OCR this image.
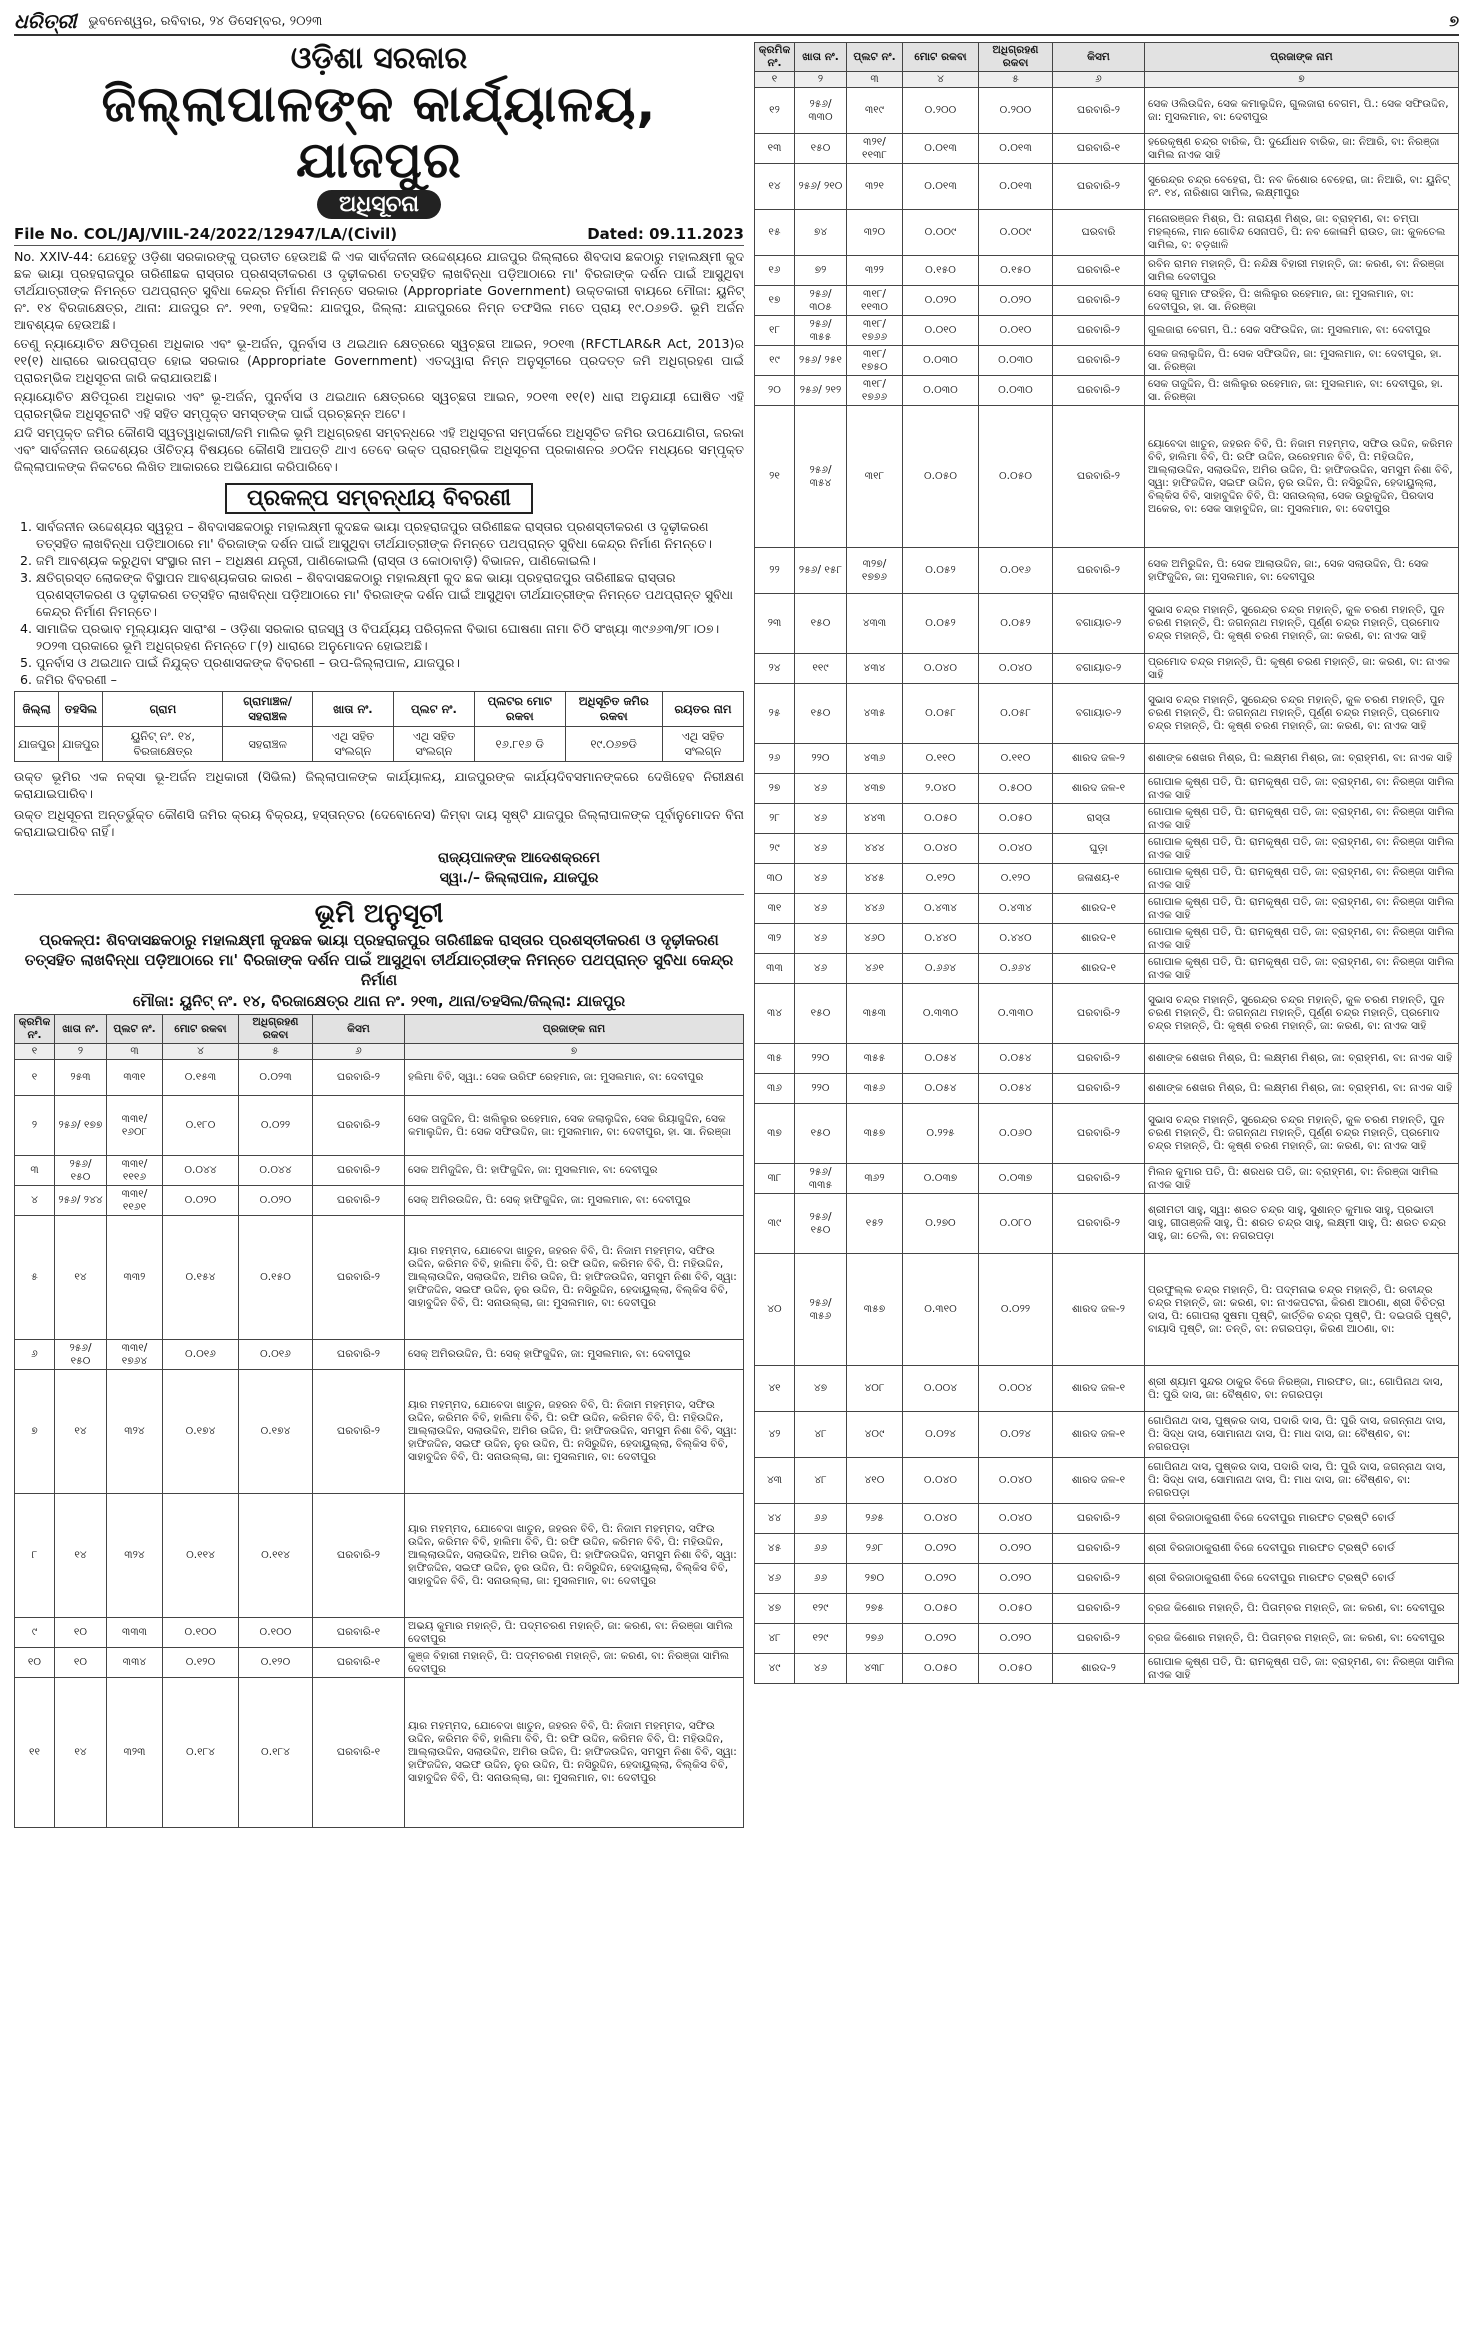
ଧରିତ୍ରୀ ଭୁବନେଶ୍ୱର, ରବିବାର, ୨୪ ଡିସେମ୍ବର, ୨୦୨୩	୭
ଓଡ଼ିଶା ସରକାର
ଜିଲ୍ଲାପାଳଙ୍କ କାର୍ଯ୍ୟାଳୟ, ଯାଜପୁର
ଅଧିସୂଚନା
File No. COL/JAJ/VIIL-24/2022/12947/LA/(Civil)	Dated: 09.11.2023

No. XXIV-44: ଯେହେତୁ ଓଡ଼ିଶା ସରକାରଙ୍କୁ ପ୍ରତୀତ ହେଉଅଛି କି ଏକ ସାର୍ବଜନୀନ ଉଦ୍ଦେଶ୍ୟରେ ଯାଜପୁର ଜିଲ୍ଲାରେ ଶିବଦାସ ଛକଠାରୁ ମହାଲକ୍ଷ୍ମୀ କୁଦ ଛକ ଭାୟା ପ୍ରହରାଜପୁର ତାରିଣୀଛକ ରାସ୍ତାର ପ୍ରଶସ୍ତୀକରଣ ଓ ଦୃଢ଼ୀକରଣ ତତ୍ସହିତ ଲାଖବିନ୍ଧା ପଡ଼ିଆଠାରେ ମା' ବିରଜାଙ୍କ ଦର୍ଶନ ପାଇଁ ଆସୁଥିବା ତୀର୍ଥଯାତ୍ରୀଙ୍କ ନିମନ୍ତେ ପଥପ୍ରାନ୍ତ ସୁବିଧା କେନ୍ଦ୍ର ନିର୍ମାଣ ନିମନ୍ତେ ସରକାର (Appropriate Government) ଉକ୍ତକାରୀ ବାୟରେ ମୌଜା: ୟୁନିଟ୍ ନଂ. ୧୪ ବିରଜାକ୍ଷେତ୍ର, ଥାନା: ଯାଜପୁର ନଂ. ୨୧୩, ତହସିଲ: ଯାଜପୁର, ଜିଲ୍ଲା: ଯାଜପୁରରେ ନିମ୍ନ ତଫସିଲ ମତେ ପ୍ରାୟ ୧୯.୦୬୭ଡି. ଭୂମି ଅର୍ଜନ ଆବଶ୍ୟକ ହେଉଅଛି।

ତେଣୁ ନ୍ୟାୟୋଚିତ କ୍ଷତିପୂରଣ ଅଧିକାର ଏବଂ ଭୂ-ଅର୍ଜନ, ପୁନର୍ବାସ ଓ ଥଇଥାନ କ୍ଷେତ୍ରରେ ସ୍ୱଚ୍ଛତା ଆଇନ, ୨୦୧୩ (RFCTLAR&R Act, 2013)ର ୧୧(୧) ଧାରାରେ ଭାରପ୍ରାପ୍ତ ହୋଇ ସରକାର (Appropriate Government) ଏତଦ୍ୱାରା ନିମ୍ନ ଅନୁସୂଚୀରେ ପ୍ରଦତ୍ତ ଜମି ଅଧିଗ୍ରହଣ ପାଇଁ ପ୍ରାରମ୍ଭିକ ଅଧିସୂଚନା ଜାରି କରାଯାଉଅଛି।

ନ୍ୟାୟୋଚିତ କ୍ଷତିପୂରଣ ଅଧିକାର ଏବଂ ଭୂ-ଅର୍ଜନ, ପୁନର୍ବାସ ଓ ଥଇଥାନ କ୍ଷେତ୍ରରେ ସ୍ୱଚ୍ଛତା ଆଇନ, ୨୦୧୩ ୧୧(୧) ଧାରା ଅନୁଯାୟୀ ଘୋଷିତ ଏହି ପ୍ରାରମ୍ଭିକ ଅଧିସୂଚନାଟି ଏହି ସହିତ ସମ୍ପୃକ୍ତ ସମସ୍ତଙ୍କ ପାଇଁ ପ୍ରଚ୍ଛନ୍ନ ଅଟେ।

ଯଦି ସମ୍ପୃକ୍ତ ଜମିର କୌଣସି ସ୍ୱତ୍ୱାଧିକାରୀ/ଜମି ମାଲିକ ଭୂମି ଅଧିଗ୍ରହଣ ସମ୍ବନ୍ଧରେ ଏହି ଅଧିସୂଚନା ସମ୍ପର୍କରେ ଅଧିସୂଚିତ ଜମିର ଉପଯୋଗିତା, ଜରକା ଏବଂ ସାର୍ବଜନୀନ ଉଦ୍ଦେଶ୍ୟର ଔଚିତ୍ୟ ବିଷୟରେ କୌଣସି ଆପତ୍ତି ଥାଏ ତେବେ ଉକ୍ତ ପ୍ରାରମ୍ଭିକ ଅଧିସୂଚନା ପ୍ରକାଶନର ୬୦ଦିନ ମଧ୍ୟରେ ସମ୍ପୃକ୍ତ ଜିଲ୍ଲାପାଳଙ୍କ ନିକଟରେ ଲିଖିତ ଆକାରରେ ଅଭିଯୋଗ କରିପାରିବେ।

ପ୍ରକଳ୍ପ ସମ୍ବନ୍ଧୀୟ ବିବରଣୀ
1. ସାର୍ବଜନୀନ ଉଦ୍ଦେଶ୍ୟର ସ୍ୱରୂପ – ଶିବଦାସଛକଠାରୁ ମହାଲକ୍ଷ୍ମୀ କୁଦଛକ ଭାୟା ପ୍ରହରାଜପୁର ତାରିଣୀଛକ ରାସ୍ତାର ପ୍ରଶସ୍ତୀକରଣ ଓ ଦୃଢ଼ୀକରଣ ତତ୍ସହିତ ଲାଖବିନ୍ଧା ପଡ଼ିଆଠାରେ ମା' ବିରଜାଙ୍କ ଦର୍ଶନ ପାଇଁ ଆସୁଥିବା ତୀର୍ଥଯାତ୍ରୀଙ୍କ ନିମନ୍ତେ ପଥପ୍ରାନ୍ତ ସୁବିଧା କେନ୍ଦ୍ର ନିର୍ମାଣ ନିମନ୍ତେ।
2. ଜମି ଆବଶ୍ୟକ କରୁଥିବା ସଂସ୍ଥାର ନାମ – ଅଧିକ୍ଷଣ ଯନ୍ତ୍ରୀ, ପାଣିକୋଇଲି (ରାସ୍ତା ଓ କୋଠାବାଡ଼ି) ବିଭାଜନ, ପାଣିକୋଇଲି।
3. କ୍ଷତିଗ୍ରସ୍ତ ଲୋକଙ୍କ ବିସ୍ଥାପନ ଆବଶ୍ୟକତାର କାରଣ – ଶିବଦାସଛକଠାରୁ ମହାଲକ୍ଷ୍ମୀ କୁଦ ଛକ ଭାୟା ପ୍ରହରାଜପୁର ତାରିଣୀଛକ ରାସ୍ତାର ପ୍ରଶସ୍ତୀକରଣ ଓ ଦୃଢ଼ୀକରଣ ତତ୍ସହିତ ଲାଖବିନ୍ଧା ପଡ଼ିଆଠାରେ ମା' ବିରଜାଙ୍କ ଦର୍ଶନ ପାଇଁ ଆସୁଥିବା ତୀର୍ଥଯାତ୍ରୀଙ୍କ ନିମନ୍ତେ ପଥପ୍ରାନ୍ତ ସୁବିଧା କେନ୍ଦ୍ର ନିର୍ମାଣ ନିମନ୍ତେ।
4. ସାମାଜିକ ପ୍ରଭାବ ମୂଲ୍ୟାୟନ ସାରାଂଶ – ଓଡ଼ିଶା ସରକାର ରାଜସ୍ୱ ଓ ବିପର୍ଯ୍ୟୟ ପରିଚାଳନା ବିଭାଗ ଘୋଷଣା ନାମା ଚିଠି ସଂଖ୍ୟା ୩୯୬୬୩/୨୮।୦୭।୨୦୨୩ ପ୍ରକାରେ ଭୂମି ଅଧିଗ୍ରହଣ ନିମନ୍ତେ ୮(୨) ଧାରାରେ ଅନୁମୋଦନ ହୋଇଅଛି।
5. ପୁନର୍ବାସ ଓ ଥଇଥାନ ପାଇଁ ନିଯୁକ୍ତ ପ୍ରଶାସକଙ୍କ ବିବରଣୀ – ଉପ-ଜିଲ୍ଲାପାଳ, ଯାଜପୁର।
6. ଜମିର ବିବରଣୀ –
ଜିଲ୍ଲା	ତହସିଲ	ଗ୍ରାମ	ଗ୍ରାମାଞ୍ଚଳ/ ସହରାଞ୍ଚଳ	ଖାତା ନଂ.	ପ୍ଲଟ ନଂ.	ପ୍ଲଟର ମୋଟ ରକବା	ଅଧିସୂଚିତ ଜମିର ରକବା	ରୟତର ନାମ
ଯାଜପୁର	ଯାଜପୁର	ୟୁନିଟ୍ ନଂ. ୧୪, ବିରଜାକ୍ଷେତ୍ର	ସହରାଞ୍ଚଳ	ଏଥି ସହିତ ସଂଲଗ୍ନ	ଏଥି ସହିତ ସଂଲଗ୍ନ	୧୬.୮୧୬ ଡି	୧୯.୦୬୭ଡି	ଏଥି ସହିତ ସଂଲଗ୍ନ

ଉକ୍ତ ଭୂମିର ଏକ ନକ୍ସା ଭୂ-ଅର୍ଜନ ଅଧିକାରୀ (ସିଭିଲ) ଜିଲ୍ଲାପାଳଙ୍କ କାର୍ଯ୍ୟାଳୟ, ଯାଜପୁରଙ୍କ କାର୍ଯ୍ୟଦିବସମାନଙ୍କରେ ଦେଖିହେବ ନିରୀକ୍ଷଣ କରାଯାଇପାରିବ।

ଉକ୍ତ ଅଧିସୂଚନା ଅନ୍ତର୍ଭୁକ୍ତ କୌଣସି ଜମିର କ୍ରୟ ବିକ୍ରୟ, ହସ୍ତାନ୍ତର (ଦେବୋନେସ) କିମ୍ବା ଦାୟ ସୃଷ୍ଟି ଯାଜପୁର ଜିଲ୍ଲାପାଳଙ୍କ ପୂର୍ବାନୁମୋଦନ ବିନା କରାଯାଇପାରିବ ନାହିଁ।

ରାଜ୍ୟପାଳଙ୍କ ଆଦେଶକ୍ରମେ
ସ୍ୱା./– ଜିଲ୍ଲାପାଳ, ଯାଜପୁର
ଭୂମି ଅନୁସୂଚୀ
ପ୍ରକଳ୍ପ: ଶିବଦାସଛକଠାରୁ ମହାଲକ୍ଷ୍ମୀ କୁଦଛକ ଭାୟା ପ୍ରହରାଜପୁର ତାରିଣୀଛକ ରାସ୍ତାର ପ୍ରଶସ୍ତୀକରଣ ଓ ଦୃଢ଼ୀକରଣ ତତ୍ସହିତ ଲାଖବିନ୍ଧା ପଡ଼ିଆଠାରେ ମା' ବିରଜାଙ୍କ ଦର୍ଶନ ପାଇଁ ଆସୁଥିବା ତୀର୍ଥଯାତ୍ରୀଙ୍କ ନିମନ୍ତେ ପଥପ୍ରାନ୍ତ ସୁବିଧା କେନ୍ଦ୍ର ନିର୍ମାଣ
ମୌଜା: ୟୁନିଟ୍ ନଂ. ୧୪, ବିରଜାକ୍ଷେତ୍ର ଥାନା ନଂ. ୨୧୩, ଥାନା/ତହସିଲ/ଜିଲ୍ଲା: ଯାଜପୁର
କ୍ରମିକ ନଂ.	ଖାତା ନଂ.	ପ୍ଲଟ ନଂ.	ମୋଟ ରକବା	ଅଧିଗ୍ରହଣ ରକବା	କିସମ	ପ୍ରଜାଙ୍କ ନାମ
୧	୨	୩	୪	୫	୬	୭
୧	୨୫୩	୩୩୧	୦.୧୫୩	୦.୦୨୩	ଘରବାରି-୨	ହଲିମା ବିବି, ସ୍ୱା.: ସେକ ଉରିଫ ରେହମାନ, ଜା: ମୁସଲମାନ, ବା: ଦେବୀପୁର
୨	୨୫୬/ ୧୭୭	୩୩୧/ ୧୬୦୮	୦.୧୮୦	୦.୦୨୨	ଘରବାରି-୨	ସେକ ତାଜୁଦ୍ଦିନ, ପି: ଖଲିଲୁର ରହେମାନ, ସେକ ଜଲାଲୁଦ୍ଦିନ, ସେକ ରିୟାଜୁଦ୍ଦିନ, ସେକ କମାଲୁଦ୍ଦିନ, ପି: ସେକ ସଫିଉଦ୍ଦିନ, ଜା: ମୁସଲମାନ, ବା: ଦେବୀପୁର, ହା. ସା. ନିରଞ୍ଜା
୩	୨୫୬/ ୧୫୦	୩୩୧/ ୧୧୧୬	୦.୦୪୪	୦.୦୪୪	ଘରବାରି-୨	ସେକ ଅମିଜୁଦ୍ଦିନ, ପି: ହାଫିଜୁଦ୍ଦିନ, ଜା: ମୁସଲମାନ, ବା: ଦେବୀପୁର
୪	୨୫୬/ ୨୪୪	୩୩୧/ ୧୧୬୧	୦.୦୨୦	୦.୦୨୦	ଘରବାରି-୨	ସେକ୍ ଅମିରଉଦ୍ଦିନ, ପି: ସେକ୍ ହାଫିଜୁଦ୍ଦିନ, ଜା: ମୁସଲମାନ, ବା: ଦେବୀପୁର
୫	୧୪	୩୩୨	୦.୧୫୪	୦.୧୫୦	ଘରବାରି-୨	ୟାର ମହମ୍ମଦ, ଯୋବେଦା ଖାତୁନ, ଜହରନ ବିବି, ପି: ନିଜାମ ମହମ୍ମଦ, ସଫିଉ ଉଦ୍ଦିନ, କରିମନ ବିବି, ହାଲିମା ବିବି, ପି: ରଫି ଉଦ୍ଦିନ, କରିମନ ବିବି, ପି: ମହିଉଦ୍ଦିନ, ଆଲ୍ଲାଉଦ୍ଦିନ, ସଲାଉଦ୍ଦିନ, ଅମିର ଉଦ୍ଦିନ, ପି: ହାଫିଜଉଦ୍ଦିନ, ସମସୁମ ନିଶା ବିବି, ସ୍ୱା: ହାଫିଜଦ୍ଦିନ, ସଇଫ ଉଦ୍ଦିନ, ନୁର ଉଦ୍ଦିନ, ପି: ନସିରୁଦ୍ଦିନ, ହେଦାୟୁଲ୍ଲା, ବିଲ୍କିସ ବିବି, ସାହାବୁଦ୍ଦିନ ବିବି, ପି: ସନାଉଲ୍ଲା, ଜା: ମୁସଲମାନ, ବା: ଦେବୀପୁର
୬	୨୫୬/ ୧୫୦	୩୩୧/ ୧୭୬୪	୦.୦୧୬	୦.୦୧୬	ଘରବାରି-୨	ସେକ୍ ଅମିରଉଦ୍ଦିନ, ପି: ସେକ୍ ହାଫିଜୁଦ୍ଦିନ, ଜା: ମୁସଲମାନ, ବା: ଦେବୀପୁର
୭	୧୪	୩୨୪	୦.୧୭୪	୦.୧୭୪	ଘରବାରି-୨	ୟାର ମହମ୍ମଦ, ଯୋବେଦା ଖାତୁନ, ଜହରନ ବିବି, ପି: ନିଜାମ ମହମ୍ମଦ, ସଫିଉ ଉଦ୍ଦିନ, କରିମନ ବିବି, ହାଲିମା ବିବି, ପି: ରଫି ଉଦ୍ଦିନ, କରିମନ ବିବି, ପି: ମହିଉଦ୍ଦିନ, ଆଲ୍ଲାଉଦ୍ଦିନ, ସଲାଉଦ୍ଦିନ, ଅମିର ଉଦ୍ଦିନ, ପି: ହାଫିଜଉଦ୍ଦିନ, ସମସୁମ ନିଶା ବିବି, ସ୍ୱା: ହାଫିଜଦ୍ଦିନ, ସଇଫ ଉଦ୍ଦିନ, ନୁର ଉଦ୍ଦିନ, ପି: ନସିରୁଦ୍ଦିନ, ହେଦାୟୁଲ୍ଲା, ବିଲ୍କିସ ବିବି, ସାହାବୁଦ୍ଦିନ ବିବି, ପି: ସନାଉଲ୍ଲା, ଜା: ମୁସଲମାନ, ବା: ଦେବୀପୁର
୮	୧୪	୩୨୪	୦.୧୧୪	୦.୧୧୪	ଘରବାରି-୨	ୟାର ମହମ୍ମଦ, ଯୋବେଦା ଖାତୁନ, ଜହରନ ବିବି, ପି: ନିଜାମ ମହମ୍ମଦ, ସଫିଉ ଉଦ୍ଦିନ, କରିମନ ବିବି, ହାଲିମା ବିବି, ପି: ରଫି ଉଦ୍ଦିନ, କରିମନ ବିବି, ପି: ମହିଉଦ୍ଦିନ, ଆଲ୍ଲାଉଦ୍ଦିନ, ସଲାଉଦ୍ଦିନ, ଅମିର ଉଦ୍ଦିନ, ପି: ହାଫିଜଉଦ୍ଦିନ, ସମସୁମ ନିଶା ବିବି, ସ୍ୱା: ହାଫିଜଦ୍ଦିନ, ସଇଫ ଉଦ୍ଦିନ, ନୁର ଉଦ୍ଦିନ, ପି: ନସିରୁଦ୍ଦିନ, ହେଦାୟୁଲ୍ଲା, ବିଲ୍କିସ ବିବି, ସାହାବୁଦ୍ଦିନ ବିବି, ପି: ସନାଉଲ୍ଲା, ଜା: ମୁସଲମାନ, ବା: ଦେବୀପୁର
୯	୧୦	୩୩୩	୦.୧୦୦	୦.୧୦୦	ଘରବାରି-୧	ଅଭୟ କୁମାର ମହାନ୍ତି, ପି: ପଦ୍ମଚରଣ ମହାନ୍ତି, ଜା: କରଣ, ବା: ନିରଞ୍ଜା ସାମିଲ ଦେବୀପୁର
୧୦	୧୦	୩୩୪	୦.୧୨୦	୦.୧୨୦	ଘରବାରି-୧	କୁଞ୍ଜ ବିହାରୀ ମହାନ୍ତି, ପି: ପଦ୍ମଚରଣ ମହାନ୍ତି, ଜା: କରଣ, ବା: ନିରଞ୍ଜା ସାମିଲ ଦେବୀପୁର
୧୧	୧୪	୩୨୩	୦.୧୮୪	୦.୧୮୪	ଘରବାରି-୧	ୟାର ମହମ୍ମଦ, ଯୋବେଦା ଖାତୁନ, ଜହରନ ବିବି, ପି: ନିଜାମ ମହମ୍ମଦ, ସଫିଉ ଉଦ୍ଦିନ, କରିମନ ବିବି, ହାଲିମା ବିବି, ପି: ରଫି ଉଦ୍ଦିନ, କରିମନ ବିବି, ପି: ମହିଉଦ୍ଦିନ, ଆଲ୍ଲାଉଦ୍ଦିନ, ସଲାଉଦ୍ଦିନ, ଅମିର ଉଦ୍ଦିନ, ପି: ହାଫିଜଉଦ୍ଦିନ, ସମସୁମ ନିଶା ବିବି, ସ୍ୱା: ହାଫିଜଦ୍ଦିନ, ସଇଫ ଉଦ୍ଦିନ, ନୁର ଉଦ୍ଦିନ, ପି: ନସିରୁଦ୍ଦିନ, ହେଦାୟୁଲ୍ଲା, ବିଲ୍କିସ ବିବି, ସାହାବୁଦ୍ଦିନ ବିବି, ପି: ସନାଉଲ୍ଲା, ଜା: ମୁସଲମାନ, ବା: ଦେବୀପୁର
କ୍ରମିକ ନଂ.	ଖାତା ନଂ.	ପ୍ଲଟ ନଂ.	ମୋଟ ରକବା	ଅଧିଗ୍ରହଣ ରକବା	କିସମ	ପ୍ରଜାଙ୍କ ନାମ
୧	୨	୩	୪	୫	୬	୭
୧୨	୨୫୬/ ୩୩୦	୩୧୯	୦.୨୦୦	୦.୨୦୦	ଘରବାରି-୨	ସେକ ଓଲିଉଦ୍ଦିନ, ସେକ କମାଲୁଦ୍ଦିନ, ଗୁଲଜାରା ବେଗମ, ପି.: ସେକ ସଫିଉଦ୍ଦିନ, ଜା: ମୁସଲମାନ, ବା: ଦେବୀପୁର
୧୩	୧୫୦	୩୨୧/ ୧୧୩୮	୦.୦୧୩	୦.୦୧୩	ଘରବାରି-୧	ହରେକୃଷ୍ଣ ଚନ୍ଦ୍ର ବାରିକ, ପି: ଦୁର୍ଯୋଧନ ବାରିକ, ଜା: ନିଆରି, ବା: ନିରଞ୍ଜା ସାମିଲ ନାଏକ ସାହି
୧୪	୨୫୬/ ୨୧୦	୩୨୧	୦.୦୧୩	୦.୦୧୩	ଘରବାରି-୨	ସୁରେନ୍ଦ୍ର ଚନ୍ଦ୍ର ବେହେରା, ପି: ନବ କିଶୋର ବେହେରା, ଜା: ନିଆରି, ବା: ୟୁନିଟ୍ ନଂ. ୧୪, ନାରିଶାଗ ସାମିଲ, ଲକ୍ଷ୍ମୀପୁର
୧୫	୭୪	୩୨୦	୦.୦୦୯	୦.୦୦୯	ଘରବାରି	ମନୋରଞ୍ଜନ ମିଶ୍ର, ପି: ନାରାୟଣ ମିଶ୍ର, ଜା: ବ୍ରାହ୍ମଣ, ବା: ଚମ୍ପା ମହଲ୍ଲେ, ମାନ ଗୋବିନ୍ଦ ସେନାପତି, ପି: ନବ କୋଳାମି ରାଉତ, ଜା: କୁଳତେଲ ସାମିଲ, ବ: ବଡ଼ଖାଳି
୧୬	୭୨	୩୨୨	୦.୧୫୦	୦.୧୫୦	ଘରବାରି-୧	ରବିନ ରାମନ ମହାନ୍ତି, ପି: ନନ୍ଦିକ୍ଷ ବିହାରୀ ମହାନ୍ତି, ଜା: କରଣ, ବା: ନିରଞ୍ଜା ସାମିଲ ଦେବୀପୁର
୧୭	୨୫୬/ ୩୦୫	୩୧୮/ ୧୧୩୦	୦.୦୨୦	୦.୦୨୦	ଘରବାରି-୨	ସେକ୍ ଗୁମାନ ଫରହିନ, ପି: ଖଲିଲୁର ରହେମାନ, ଜା: ମୁସଲମାନ, ବା: ଦେବୀପୁର, ହା. ସା. ନିରଞ୍ଜା
୧୮	୨୫୬/ ୩୫୫	୩୧୮/ ୧୭୬୬	୦.୦୧୦	୦.୦୧୦	ଘରବାରି-୨	ଗୁଲଜାରା ବେଗମ, ପି.: ସେକ ସଫିଉଦ୍ଦିନ, ଜା: ମୁସଲମାନ, ବା: ଦେବୀପୁର
୧୯	୨୫୬/ ୨୫୧	୩୧୮/ ୧୭୫୦	୦.୦୩୦	୦.୦୩୦	ଘରବାରି-୨	ସେକ ଜଲାଲୁଦ୍ଦିନ, ପି: ସେକ ସଫିଉଦ୍ଦିନ, ଜା: ମୁସଲମାନ, ବା: ଦେବୀପୁର, ହା. ସା. ନିରଞ୍ଜା
୨୦	୨୫୬/ ୨୧୨	୩୧୮/ ୧୭୬୬	୦.୦୩୦	୦.୦୩୦	ଘରବାରି-୨	ସେକ ତାଜୁଦ୍ଦିନ, ପି: ଖଲିଲୁର ରହେମାନ, ଜା: ମୁସଲମାନ, ବା: ଦେବୀପୁର, ହା. ସା. ନିରଞ୍ଜା
୨୧	୨୫୬/ ୩୫୪	୩୧୮	୦.୦୫୦	୦.୦୫୦	ଘରବାରି-୨	ୟୋବେଦା ଖାତୁନ, ଜହରନ ବିବି, ପି: ନିଜାମ ମହମ୍ମଦ, ସଫିଉ ଉଦ୍ଦିନ, କରିମନ ବିବି, ହାଲିମା ବିବି, ପି: ରଫି ଉଦ୍ଦିନ, ଉରେହମାନ ବିବି, ପି: ମହିଉଦ୍ଦିନ, ଆଲ୍ଲାଉଦ୍ଦିନ, ସଲାଉଦ୍ଦିନ, ଅମିର ଉଦ୍ଦିନ, ପି: ହାଫିଜଉଦ୍ଦିନ, ସମସୁମ ନିଶା ବିବି, ସ୍ୱା: ହାଫିଜଦ୍ଦିନ, ସଇଫ ଉଦ୍ଦିନ, ନୁର ଉଦ୍ଦିନ, ପି: ନସିରୁଦ୍ଦିନ, ହେଦାୟୁଲ୍ଲା, ବିଲ୍କିସ ବିବି, ସାହାବୁଦ୍ଦିନ ବିବି, ପି: ସନାଉଲ୍ଲା, ସେକ ଉରୁକୁଦ୍ଦିନ, ପିରଦାସ ଅକେର, ବା: ସେକ ସାହାବୁଦ୍ଦିନ, ଜା: ମୁସଲମାନ, ବା: ଦେବୀପୁର
୨୨	୨୫୬/ ୧୫୮	୩୨୭/ ୧୭୭୬	୦.୦୫୨	୦.୦୧୬	ଘରବାରି-୨	ସେକ ଅମିରୁଦ୍ଦିନ, ପି: ସେକ ଆଲାଉଦ୍ଦିନ, ଜା:, ସେକ ସଲାଉଦ୍ଦିନ, ପି: ସେକ ହାଫିଜୁଦ୍ଦିନ, ଜା: ମୁସଲମାନ, ବା: ଦେବୀପୁର
୨୩	୧୫୦	୪୩୩	୦.୦୫୨	୦.୦୫୨	ବଗାୟାତ-୨	ସୁଭାସ ଚନ୍ଦ୍ର ମହାନ୍ତି, ସୁରେନ୍ଦ୍ର ଚନ୍ଦ୍ର ମହାନ୍ତି, କୁଳ ଚରଣ ମହାନ୍ତି, ପୁନ ଚରଣ ମହାନ୍ତି, ପି: ଜଗନ୍ନାଥ ମହାନ୍ତି, ପୂର୍ଣ୍ଣ ଚନ୍ଦ୍ର ମହାନ୍ତି, ପ୍ରମୋଦ ଚନ୍ଦ୍ର ମହାନ୍ତି, ପି: କୃଷ୍ଣ ଚରଣ ମହାନ୍ତି, ଜା: କରଣ, ବା: ନାଏକ ସାହି
୨୪	୧୧୯	୪୩୪	୦.୦୪୦	୦.୦୪୦	ବଗାୟାତ-୨	ପ୍ରମୋଦ ଚନ୍ଦ୍ର ମହାନ୍ତି, ପି: କୃଷ୍ଣ ଚରଣ ମହାନ୍ତି, ଜା: କରଣ, ବା: ନାଏକ ସାହି
୨୫	୧୫୦	୪୩୫	୦.୦୫୮	୦.୦୫୮	ବଗାୟାତ-୨	ସୁଭାସ ଚନ୍ଦ୍ର ମହାନ୍ତି, ସୁରେନ୍ଦ୍ର ଚନ୍ଦ୍ର ମହାନ୍ତି, କୁଳ ଚରଣ ମହାନ୍ତି, ପୁନ ଚରଣ ମହାନ୍ତି, ପି: ଜଗନ୍ନାଥ ମହାନ୍ତି, ପୂର୍ଣ୍ଣ ଚନ୍ଦ୍ର ମହାନ୍ତି, ପ୍ରମୋଦ ଚନ୍ଦ୍ର ମହାନ୍ତି, ପି: କୃଷ୍ଣ ଚରଣ ମହାନ୍ତି, ଜା: କରଣ, ବା: ନାଏକ ସାହି
୨୬	୨୨୦	୪୩୬	୦.୧୧୦	୦.୧୧୦	ଶାରଦ ଜଳ-୨	ଶଶାଙ୍କ ଶେଖର ମିଶ୍ର, ପି: ଲକ୍ଷ୍ମଣ ମିଶ୍ର, ଜା: ବ୍ରାହ୍ମଣ, ବା: ନାଏକ ସାହି
୨୭	୪୬	୪୩୭	୨.୦୪୦	୦.୫୦୦	ଶାରଦ ଜଳ-୧	ଗୋପାଳ କୃଷ୍ଣ ପତି, ପି: ରାମକୃଷ୍ଣ ପତି, ଜା: ବ୍ରାହ୍ମଣ, ବା: ନିରଞ୍ଜା ସାମିଲ ନାଏକ ସାହି
୨୮	୪୬	୪୪୩	୦.୦୫୦	୦.୦୫୦	ରାସ୍ତା	ଗୋପାଳ କୃଷ୍ଣ ପତି, ପି: ରାମକୃଷ୍ଣ ପତି, ଜା: ବ୍ରାହ୍ମଣ, ବା: ନିରଞ୍ଜା ସାମିଲ ନାଏକ ସାହି
୨୯	୪୬	୪୪୪	୦.୦୪୦	୦.୦୪୦	ଘୁଡ଼ା	ଗୋପାଳ କୃଷ୍ଣ ପତି, ପି: ରାମକୃଷ୍ଣ ପତି, ଜା: ବ୍ରାହ୍ମଣ, ବା: ନିରଞ୍ଜା ସାମିଲ ନାଏକ ସାହି
୩୦	୪୬	୪୪୫	୦.୧୨୦	୦.୧୨୦	ଜଳାଶୟ-୧	ଗୋପାଳ କୃଷ୍ଣ ପତି, ପି: ରାମକୃଷ୍ଣ ପତି, ଜା: ବ୍ରାହ୍ମଣ, ବା: ନିରଞ୍ଜା ସାମିଲ ନାଏକ ସାହି
୩୧	୪୬	୪୪୬	୦.୪୩୪	୦.୪୩୪	ଶାରଦ-୧	ଗୋପାଳ କୃଷ୍ଣ ପତି, ପି: ରାମକୃଷ୍ଣ ପତି, ଜା: ବ୍ରାହ୍ମଣ, ବା: ନିରଞ୍ଜା ସାମିଲ ନାଏକ ସାହି
୩୨	୪୬	୪୬୦	୦.୪୪୦	୦.୪୪୦	ଶାରଦ-୧	ଗୋପାଳ କୃଷ୍ଣ ପତି, ପି: ରାମକୃଷ୍ଣ ପତି, ଜା: ବ୍ରାହ୍ମଣ, ବା: ନିରଞ୍ଜା ସାମିଲ ନାଏକ ସାହି
୩୩	୪୬	୪୬୧	୦.୬୬୪	୦.୬୬୪	ଶାରଦ-୧	ଗୋପାଳ କୃଷ୍ଣ ପତି, ପି: ରାମକୃଷ୍ଣ ପତି, ଜା: ବ୍ରାହ୍ମଣ, ବା: ନିରଞ୍ଜା ସାମିଲ ନାଏକ ସାହି
୩୪	୧୫୦	୩୫୩	୦.୩୩୦	୦.୩୩୦	ଘରବାରି-୨	ସୁଭାସ ଚନ୍ଦ୍ର ମହାନ୍ତି, ସୁରେନ୍ଦ୍ର ଚନ୍ଦ୍ର ମହାନ୍ତି, କୁଳ ଚରଣ ମହାନ୍ତି, ପୁନ ଚରଣ ମହାନ୍ତି, ପି: ଜଗନ୍ନାଥ ମହାନ୍ତି, ପୂର୍ଣ୍ଣ ଚନ୍ଦ୍ର ମହାନ୍ତି, ପ୍ରମୋଦ ଚନ୍ଦ୍ର ମହାନ୍ତି, ପି: କୃଷ୍ଣ ଚରଣ ମହାନ୍ତି, ଜା: କରଣ, ବା: ନାଏକ ସାହି
୩୫	୨୨୦	୩୫୫	୦.୦୫୪	୦.୦୫୪	ଘରବାରି-୨	ଶଶାଙ୍କ ଶେଖର ମିଶ୍ର, ପି: ଲକ୍ଷ୍ମଣ ମିଶ୍ର, ଜା: ବ୍ରାହ୍ମଣ, ବା: ନାଏକ ସାହି
୩୬	୨୨୦	୩୫୬	୦.୦୫୪	୦.୦୫୪	ଘରବାରି-୨	ଶଶାଙ୍କ ଶେଖର ମିଶ୍ର, ପି: ଲକ୍ଷ୍ମଣ ମିଶ୍ର, ଜା: ବ୍ରାହ୍ମଣ, ବା: ନାଏକ ସାହି
୩୭	୧୫୦	୩୫୭	୦.୨୨୫	୦.୦୬୦	ଘରବାରି-୨	ସୁଭାସ ଚନ୍ଦ୍ର ମହାନ୍ତି, ସୁରେନ୍ଦ୍ର ଚନ୍ଦ୍ର ମହାନ୍ତି, କୁଳ ଚରଣ ମହାନ୍ତି, ପୁନ ଚରଣ ମହାନ୍ତି, ପି: ଜଗନ୍ନାଥ ମହାନ୍ତି, ପୂର୍ଣ୍ଣ ଚନ୍ଦ୍ର ମହାନ୍ତି, ପ୍ରମୋଦ ଚନ୍ଦ୍ର ମହାନ୍ତି, ପି: କୃଷ୍ଣ ଚରଣ ମହାନ୍ତି, ଜା: କରଣ, ବା: ନାଏକ ସାହି
୩୮	୨୫୬/ ୩୩୫	୩୬୨	୦.୦୩୭	୦.୦୩୭	ଘରବାରି-୨	ମିଲନ କୁମାର ପତି, ପି: ଶରଧର ପତି, ଜା: ବ୍ରାହ୍ମଣ, ବା: ନିରଞ୍ଜା ସାମିଲ ନାଏକ ସାହି
୩୯	୨୫୬/ ୧୫୦	୧୫୨	୦.୨୭୦	୦.୦୮୦	ଘରବାରି-୨	ଶ୍ରୀମତୀ ସାହୁ, ସ୍ୱା: ଶରତ ଚନ୍ଦ୍ର ସାହୁ, ସୁଶାନ୍ତ କୁମାର ସାହୁ, ପ୍ରଭାତୀ ସାହୁ, ଗୀତାଞ୍ଜଳି ସାହୁ, ପି: ଶରତ ଚନ୍ଦ୍ର ସାହୁ, ଲକ୍ଷ୍ମୀ ସାହୁ, ପି: ଶରତ ଚନ୍ଦ୍ର ସାହୁ, ଜା: ତେଲି, ବା: ନଗରପଡ଼ା
୪୦	୨୫୬/ ୩୫୬	୩୫୭	୦.୩୧୦	୦.୦୨୨	ଶାରଦ ଜଳ-୨	ପ୍ରଫୁଲ୍ଲ ଚନ୍ଦ୍ର ମହାନ୍ତି, ପି: ପଦ୍ମନାଭ ଚନ୍ଦ୍ର ମହାନ୍ତି, ପି: ରବୀନ୍ଦ୍ର ଚନ୍ଦ୍ର ମହାନ୍ତି, ଜା: କରଣ, ବା: ନାଏକପଟନା, କିରଣ ଆଠଣା, ଶ୍ରୀ ବିଚିତ୍ରା ଦାସ, ପି: ଗୋପଲା ସୁଷମା ପୃଷ୍ଟି, କାର୍ତ୍ତିକ ଚନ୍ଦ୍ର ପୃଷ୍ଟି, ପି: ଦଇତାରି ପୃଷ୍ଟି, ବାୟାସି ପୃଷ୍ଟି, ଜା: ତନ୍ତି, ବା: ନଗରପଡ଼ା, କିରଣ ଆଠଣା, ବା:
୪୧	୪୭	୪୦୮	୦.୦୦୪	୦.୦୦୪	ଶାରଦ ଜଳ-୧	ଶ୍ରୀ ଶ୍ୟାମ ସୁନ୍ଦର ଠାକୁର ବିଜେ ନିରଞ୍ଜା, ମାରଫତ, ଜା:, ଗୋପିନାଥ ଦାସ, ପି: ପୁରି ଦାସ, ଜା: ବୈଷ୍ଣବ, ବା: ନଗରପଡ଼ା
୪୨	୪୮	୪୦୯	୦.୦୨୪	୦.୦୨୪	ଶାରଦ ଜଳ-୧	ଗୋପିନାଥ ଦାସ, ପୁଷ୍କର ଦାସ, ପଦାରି ଦାସ, ପି: ପୁରି ଦାସ, ଜଗନ୍ନାଥ ଦାସ, ପି: ସିଦ୍ଧ ଦାସ, ସୋମାନାଥ ଦାସ, ପି: ମାଧ ଦାସ, ଜା: ବୈଷ୍ଣବ, ବା: ନଗରପଡ଼ା
୪୩	୪୮	୪୧୦	୦.୦୪୦	୦.୦୪୦	ଶାରଦ ଜଳ-୧	ଗୋପିନାଥ ଦାସ, ପୁଷ୍କର ଦାସ, ପଦାରି ଦାସ, ପି: ପୁରି ଦାସ, ଜଗନ୍ନାଥ ଦାସ, ପି: ସିଦ୍ଧ ଦାସ, ସୋମାନାଥ ଦାସ, ପି: ମାଧ ଦାସ, ଜା: ବୈଷ୍ଣବ, ବା: ନଗରପଡ଼ା
୪୪	୬୬	୨୬୫	୦.୦୪୦	୦.୦୪୦	ଘରବାରି-୨	ଶ୍ରୀ ବିରଜାଠାକୁରାଣୀ ବିଜେ ଦେବୀପୁର ମାରଫତ ଟ୍ରଷ୍ଟି ବୋର୍ଡ
୪୫	୬୬	୨୬୮	୦.୦୨୦	୦.୦୨୦	ଘରବାରି-୨	ଶ୍ରୀ ବିରଜାଠାକୁରାଣୀ ବିଜେ ଦେବୀପୁର ମାରଫତ ଟ୍ରଷ୍ଟି ବୋର୍ଡ
୪୬	୬୬	୨୭୦	୦.୦୨୦	୦.୦୨୦	ଘରବାରି-୨	ଶ୍ରୀ ବିରଜାଠାକୁରାଣୀ ବିଜେ ଦେବୀପୁର ମାରଫତ ଟ୍ରଷ୍ଟି ବୋର୍ଡ
୪୭	୧୨୯	୨୭୫	୦.୦୫୦	୦.୦୫୦	ଘରବାରି-୨	ବ୍ରଜ କିଶୋର ମହାନ୍ତି, ପି: ପିତାମ୍ବର ମହାନ୍ତି, ଜା: କରଣ, ବା: ଦେବୀପୁର
୪୮	୧୨୯	୨୭୬	୦.୦୨୦	୦.୦୨୦	ଘରବାରି-୨	ବ୍ରଜ କିଶୋର ମହାନ୍ତି, ପି: ପିତାମ୍ବର ମହାନ୍ତି, ଜା: କରଣ, ବା: ଦେବୀପୁର
୪୯	୪୬	୪୩୮	୦.୦୫୦	୦.୦୫୦	ଶାରଦ-୨	ଗୋପାଳ କୃଷ୍ଣ ପତି, ପି: ରାମକୃଷ୍ଣ ପତି, ଜା: ବ୍ରାହ୍ମଣ, ବା: ନିରଞ୍ଜା ସାମିଲ ନାଏକ ସାହି
